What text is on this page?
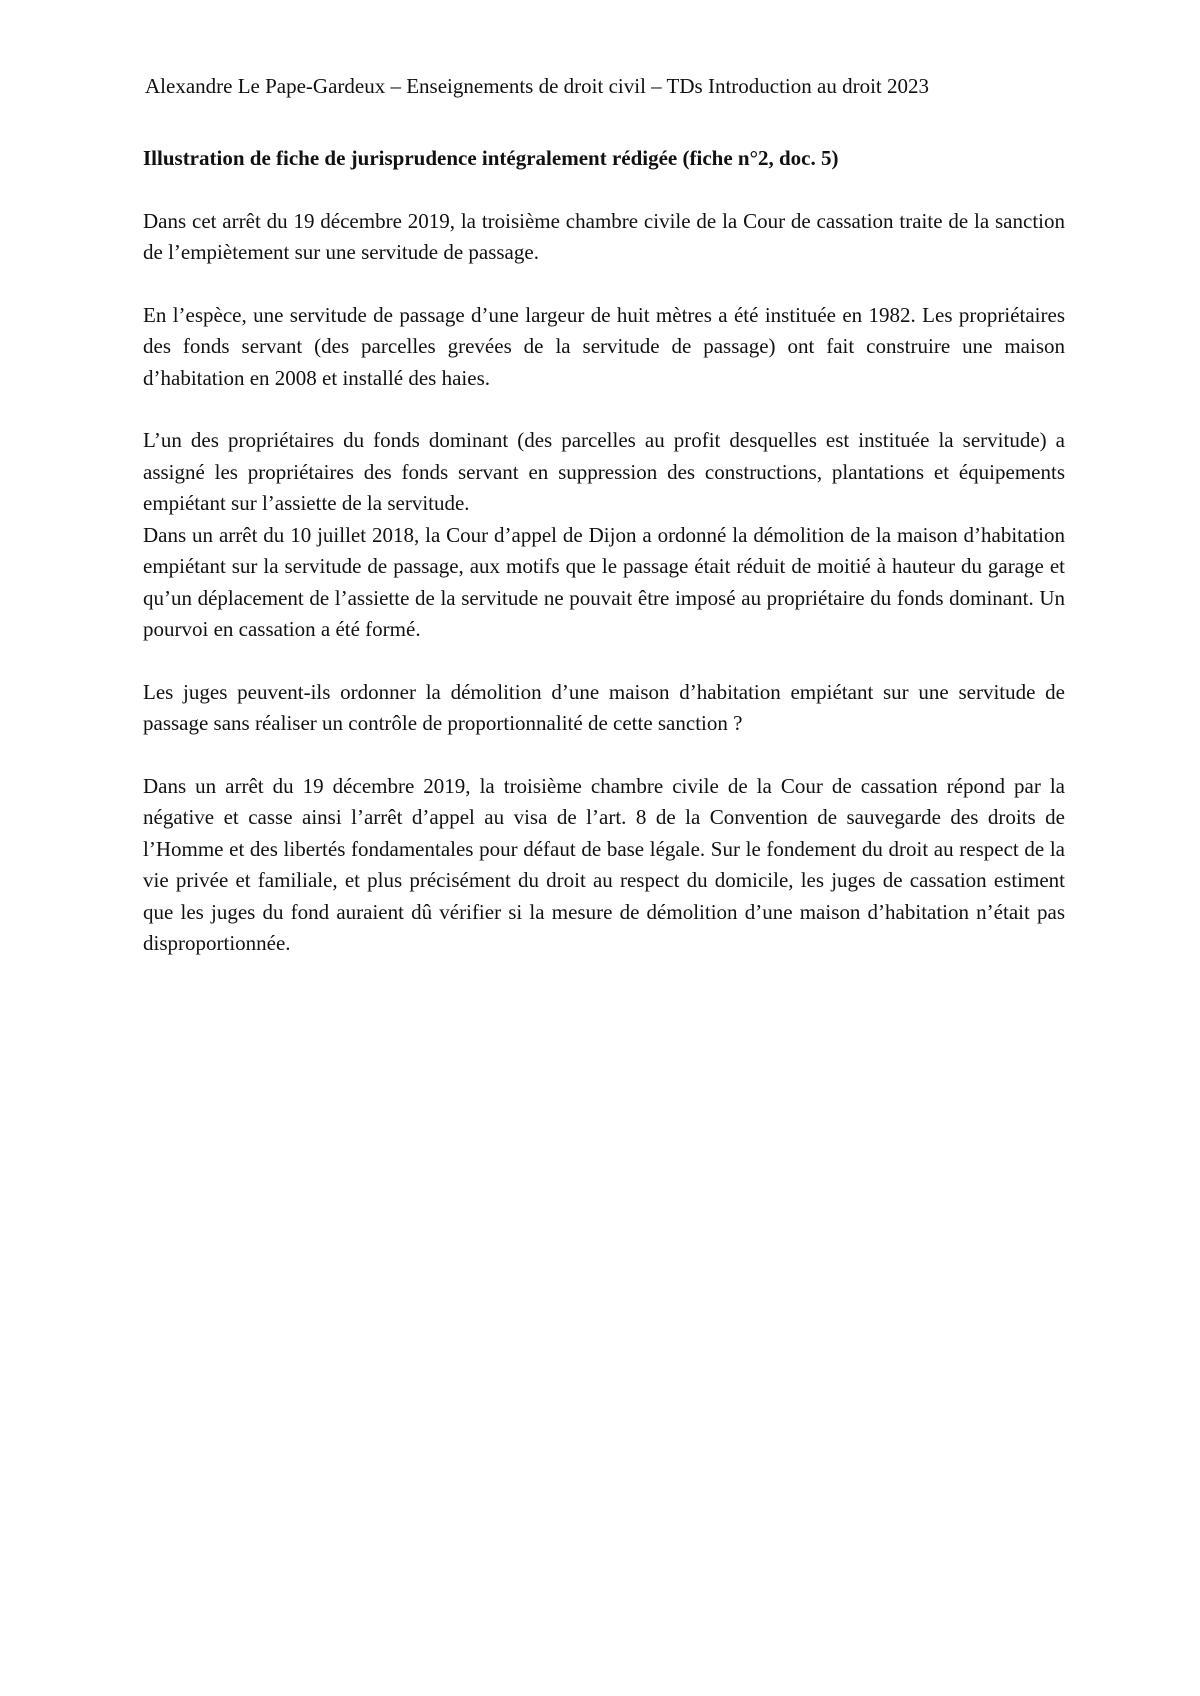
Alexandre Le Pape-Gardeux – Enseignements de droit civil – TDs Introduction au droit 2023
Illustration de fiche de jurisprudence intégralement rédigée (fiche n°2, doc. 5)

Dans cet arrêt du 19 décembre 2019, la troisième chambre civile de la Cour de cassation traite de la sanction de l’empiètement sur une servitude de passage.

En l’espèce, une servitude de passage d’une largeur de huit mètres a été instituée en 1982. Les propriétaires des fonds servant (des parcelles grevées de la servitude de passage) ont fait construire une maison d’habitation en 2008 et installé des haies.

L’un des propriétaires du fonds dominant (des parcelles au profit desquelles est instituée la servitude) a assigné les propriétaires des fonds servant en suppression des constructions, plantations et équipements empiétant sur l’assiette de la servitude.

Dans un arrêt du 10 juillet 2018, la Cour d’appel de Dijon a ordonné la démolition de la maison d’habitation empiétant sur la servitude de passage, aux motifs que le passage était réduit de moitié à hauteur du garage et qu’un déplacement de l’assiette de la servitude ne pouvait être imposé au propriétaire du fonds dominant. Un pourvoi en cassation a été formé.

Les juges peuvent-ils ordonner la démolition d’une maison d’habitation empiétant sur une servitude de passage sans réaliser un contrôle de proportionnalité de cette sanction ?

Dans un arrêt du 19 décembre 2019, la troisième chambre civile de la Cour de cassation répond par la négative et casse ainsi l’arrêt d’appel au visa de l’art. 8 de la Convention de sauvegarde des droits de l’Homme et des libertés fondamentales pour défaut de base légale. Sur le fondement du droit au respect de la vie privée et familiale, et plus précisément du droit au respect du domicile, les juges de cassation estiment que les juges du fond auraient dû vérifier si la mesure de démolition d’une maison d’habitation n’était pas disproportionnée.
